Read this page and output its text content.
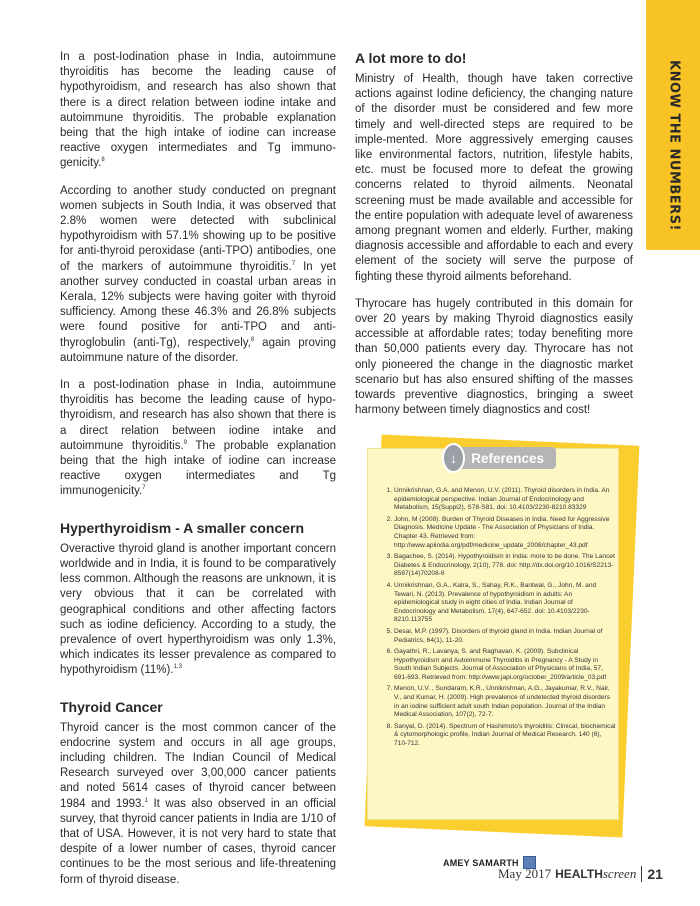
KNOW THE NUMBERS!

In a post-Iodination phase in India, autoimmune thyroiditis has become the leading cause of hypothyroidism, and research has also shown that there is a direct relation between iodine intake and autoimmune thyroiditis. The probable explanation being that the high intake of iodine can increase reactive oxygen intermediates and Tg immuno-genicity.$^8$

According to another study conducted on pregnant women subjects in South India, it was observed that 2.8% women were detected with subclinical hypothyroidism with 57.1% showing up to be positive for anti-thyroid peroxidase (anti-TPO) antibodies, one of the markers of autoimmune thyroiditis.$^7$ In yet another survey conducted in coastal urban areas in Kerala, 12% subjects were having goiter with thyroid sufficiency. Among these 46.3% and 26.8% subjects were found positive for anti-TPO and anti-thyroglobulin (anti-Tg), respectively,$^8$ again proving autoimmune nature of the disorder.

In a post-Iodination phase in India, autoimmune thyroiditis has become the leading cause of hypo-thyroidism, and research has also shown that there is a direct relation between iodine intake and autoimmune thyroiditis.$^9$ The probable explanation being that the high intake of iodine can increase reactive oxygen intermediates and Tg immunogenicity.$^7$

Hyperthyroidism - A smaller concern

Overactive thyroid gland is another important concern worldwide and in India, it is found to be comparatively less common. Although the reasons are unknown, it is very obvious that it can be correlated with geographical conditions and other affecting factors such as iodine deficiency. According to a study, the prevalence of overt hyperthyroidism was only 1.3%, which indicates its lesser prevalence as compared to hypothyroidism (11%).$^{1,3}$

Thyroid Cancer

Thyroid cancer is the most common cancer of the endocrine system and occurs in all age groups, including children. The Indian Council of Medical Research surveyed over 3,00,000 cancer patients and noted 5614 cases of thyroid cancer between 1984 and 1993.$^1$ It was also observed in an official survey, that thyroid cancer patients in India are 1/10 of that of USA. However, it is not very hard to state that despite of a lower number of cases, thyroid cancer continues to be the most serious and life-threatening form of thyroid disease.

A lot more to do!

Ministry of Health, though have taken corrective actions against Iodine deficiency, the changing nature of the disorder must be considered and few more timely and well-directed steps are required to be imple-mented. More aggressively emerging causes like environmental factors, nutrition, lifestyle habits, etc. must be focused more to defeat the growing concerns related to thyroid ailments. Neonatal screening must be made available and accessible for the entire population with adequate level of awareness among pregnant women and elderly. Further, making diagnosis accessible and affordable to each and every element of the society will serve the purpose of fighting these thyroid ailments beforehand.

Thyrocare has hugely contributed in this domain for over 20 years by making Thyroid diagnostics easily accessible at affordable rates; today benefiting more than 50,000 patients every day. Thyrocare has not only pioneered the change in the diagnostic market scenario but has also ensured shifting of the masses towards preventive diagnostics, bringing a sweet harmony between timely diagnostics and cost!

↓	References
1. Unnikrishnan, G.A. and Menon, U.V. (2011). Thyroid disorders in India. An epidemiological perspective. Indian Journal of Endocrinology and Metabolism, 15(Suppl2), S78-S81. doi: 10.4103/2230-8210.83329
2. John, M (2008). Burden of Thyroid Diseases in India. Need for Aggressive Diagnosis. Medicine Update - The Association of Physicians of India. Chapter 43. Retrieved from: http://www.apiindia.org/pdf/medicine_update_2008/chapter_43.pdf
3. Bagachee, S. (2014). Hypothyroidism in India: more to be done. The Lancet Diabetes & Endocrinology, 2(10), 778. doi: http://dx.doi.org/10.1016/S2213-8587(14)70208-6
4. Unnikrishnan, G.A., Kalra, S., Sahay, R.K., Bantwal, G., John, M. and Tewari, N. (2013). Prevalence of hypothyroidism in adults: An epidemiological study in eight cities of India. Indian Journal of Endocrinology and Metabolism, 17(4), 647-652. doi: 10.4103/2230-8210.113755
5. Desai, M.P. (1997). Disorders of thyroid gland in India. Indian Journal of Pediatrics, 64(1), 11-20.
6. Gayathri, R., Lavanya, S. and Raghavan, K. (2009). Subclinical Hypothyroidism and Autoimmune Thyroiditis in Pregnancy - A Study in South Indian Subjects. Journal of Association of Physicians of India, 57, 691-693. Retrieved from: http://www.japi.org/october_2009/article_03.pdf
7. Menon, U.V. , Sundaram, K.R., Unnikrishnan, A.G., Jayakumar, R.V., Nair, V., and Kumar, H. (2009). High prevalence of undetected thyroid disorders in an iodine sufficient adult south Indian population. Journal of the Indian Medical Association, 107(2), 72-7.
8. Sanyal, D. (2014). Spectrum of Hashimoto's thyroiditis: Clinical, biochemical & cytomorphologic profile, Indian Journal of Medical Research, 140 (6), 710-712.
AMEY SAMARTH
May 2017 HEALTH screen 21
